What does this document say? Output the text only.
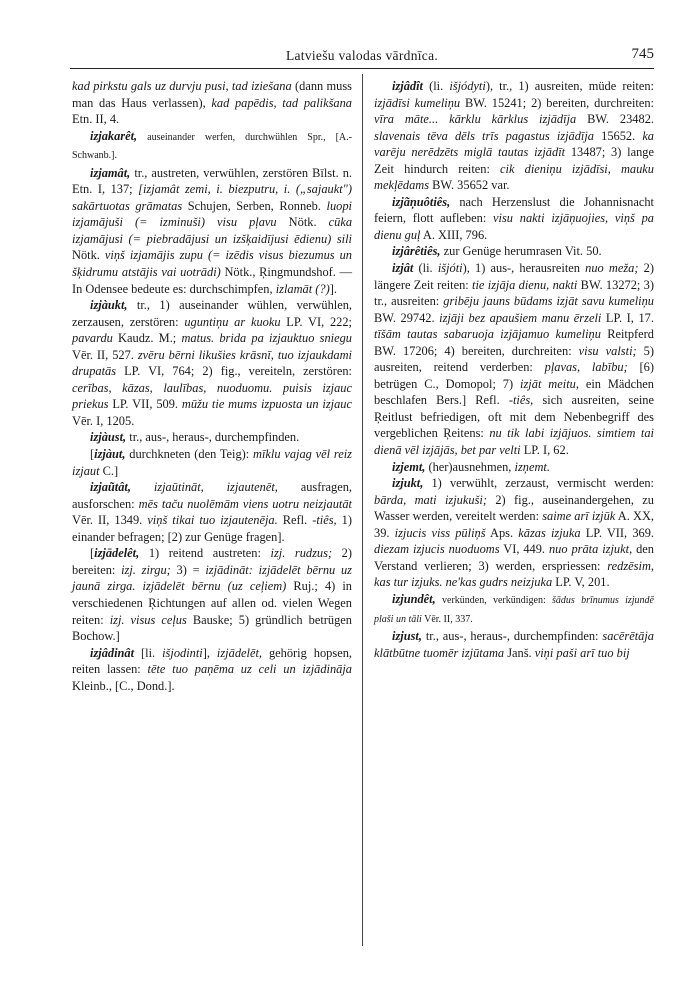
Latviešu valodas vārdnīca.	745

kad pirkstu gals uz durvju pusi, tad iziešana (dann muss man das Haus verlassen), kad papēdis, tad palikšana Etn. II, 4.

izjakarêt, auseinander werfen, durchwühlen Spr., [A.-Schwanb.].

izjamât, tr., austreten, verwühlen, zerstören Bīlst. n. Etn. I, 137; [izjamât zemi, i. biezputru, i. („sajaukt") sakārtuotas grāmatas Schujen, Serben, Ronneb. luopi izjamājuši (= izminuši) visu pļavu Nötk. cūka izjamājusi (= piebradājusi un izšķaidījusi ēdienu) sili Nötk. viņš izjamājis zupu (= izēdis visus biezumus un šķidrumu atstājis vai uotrādi) Nötk., Ŗingmundshof. — In Odensee bedeute es: durchschimpfen, izlamāt (?)].

izjàukt, tr., 1) auseinander wühlen, verwühlen, zerzausen, zerstören: uguntiņu ar kuoku LP. VI, 222; pavardu Kaudz. M.; matus. brida pa izjauktuo sniegu Vēr. II, 527. zvēru bērni likušies krāsnī, tuo izjaukdami drupatās LP. VI, 764; 2) fig., vereiteln, zerstören: cerības, kāzas, laulības, nuoduomu. puisis izjauc priekus LP. VII, 509. mūžu tie mums izpuosta un izjauc Vēr. I, 1205.

izjàust, tr., aus-, heraus-, durchempfinden.

[izjàut, durchkneten (den Teig): mīklu vajag vēl reiz izjaut C.]

izjaũtât, izjaūtināt, izjautenēt, ausfragen, ausforschen: mēs taču nuolēmām viens uotru neizjautāt Vēr. II, 1349. viņš tikai tuo izjautenēja. Refl. -tiês, 1) einander befragen; [2) zur Genüge fragen].

[izjādelêt, 1) reitend austreten: izj. rudzus; 2) bereiten: izj. zirgu; 3) = izjādināt: izjādelēt bērnu uz jaunā zirga. izjādelēt bērnu (uz ceļiem) Ruj.; 4) in verschiedenen Ŗichtungen auf allen od. vielen Wegen reiten: izj. visus ceļus Bauske; 5) gründlich betrügen Bochow.]

izjâdinât [li. išjodinti], izjādelēt, gehörig hopsen, reiten lassen: tēte tuo paņēma uz celi un izjādināja Kleinb., [C., Dond.].

izjâdît (li. išjódyti), tr., 1) ausreiten, müde reiten: izjādīsi kumeliņu BW. 15241; 2) bereiten, durchreiten: vīra māte... kārklu kārklus izjādīja BW. 23482. slavenais tēva dēls trīs pagastus izjādīja 15652. ka varēju nerēdzēts miglā tautas izjādīt 13487; 3) lange Zeit hindurch reiten: cik dieniņu izjādīsi, mauku mekļēdams BW. 35652 var.

izjãņuôtiês, nach Herzenslust die Johannisnacht feiern, flott aufleben: visu nakti izjāņuojies, viņš pa dienu guļ A. XIII, 796.

izjârêtiês, zur Genüge herumrasen Vit. 50.

izjât (li. išjóti), 1) aus-, herausreiten nuo meža; 2) längere Zeit reiten: tie izjāja dienu, nakti BW. 13272; 3) tr., ausreiten: gribēju jauns būdams izjāt savu kumeliņu BW. 29742. izjāji bez apaušiem manu ērzeli LP. I, 17. tīšām tautas sabaruoja izjājamuo kumeliņu Reitpferd BW. 17206; 4) bereiten, durchreiten: visu valsti; 5) ausreiten, reitend verderben: pļavas, labību; [6) betrügen C., Domopol; 7) izjāt meitu, ein Mädchen beschlafen Bers.] Refl. -tiês, sich ausreiten, seine Ŗeitlust befriedigen, oft mit dem Nebenbegriff des vergeblichen Ŗeitens: nu tik labi izjājuos. simtiem tai dienā vēl izjājās, bet par velti LP. I, 62.

izjemt, (her)ausnehmen, izņemt.

izjukt, 1) verwühlt, zerzaust, vermischt werden: bārda, mati izjukuši; 2) fig., auseinandergehen, zu Wasser werden, vereitelt werden: saime arī izjūk A. XX, 39. izjucis viss pūliņš Aps. kāzas izjuka LP. VII, 369. diezam izjucis nuoduoms VI, 449. nuo prāta izjukt, den Verstand verlieren; 3) werden, erspriessen: redzēsim, kas tur izjuks. ne'kas gudrs neizjuka LP. V, 201.

izjundêt, verkünden, verkündigen: šādus brīnumus izjundē plaši un tāli Vēr. II, 337.

izjust, tr., aus-, heraus-, durchempfinden: sacērētāja klātbūtne tuomēr izjūtama Janš. viņi paši arī tuo bij
